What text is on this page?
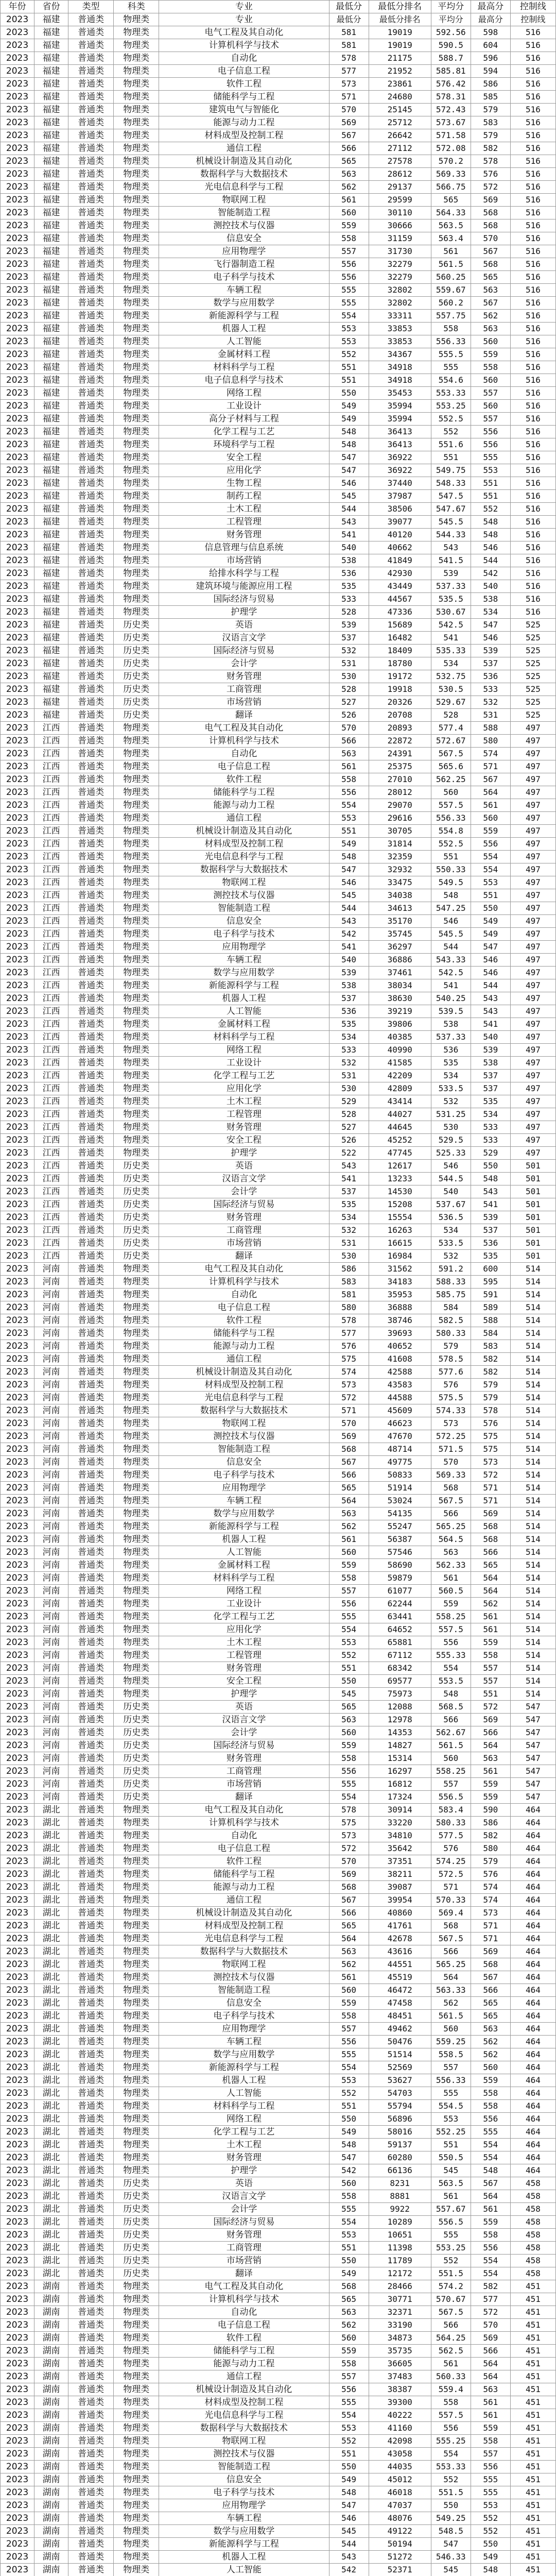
年份	省份	类型	科类	专业	最低分	最低分排名	平均分	最高分	控制线
2023	福建	普通类	物理类	专业	最低分	最低分排名	平均分	最高分	控制线
2023	福建	普通类	物理类	电气工程及其自动化	581	19019	592.56	598	516
2023	福建	普通类	物理类	计算机科学与技术	581	19019	590.5	604	516
2023	福建	普通类	物理类	自动化	578	21175	588.7	596	516
2023	福建	普通类	物理类	电子信息工程	577	21952	585.81	594	516
2023	福建	普通类	物理类	软件工程	573	23861	576.42	586	516
2023	福建	普通类	物理类	储能科学与工程	571	24680	578.31	585	516
2023	福建	普通类	物理类	建筑电气与智能化	570	25145	572.43	579	516
2023	福建	普通类	物理类	能源与动力工程	569	25712	573.67	583	516
2023	福建	普通类	物理类	材料成型及控制工程	567	26642	571.58	579	516
2023	福建	普通类	物理类	通信工程	566	27112	572.08	582	516
2023	福建	普通类	物理类	机械设计制造及其自动化	565	27578	570.2	578	516
2023	福建	普通类	物理类	数据科学与大数据技术	563	28612	569.33	576	516
2023	福建	普通类	物理类	光电信息科学与工程	562	29137	566.75	572	516
2023	福建	普通类	物理类	物联网工程	561	29599	565	569	516
2023	福建	普通类	物理类	智能制造工程	560	30110	564.33	568	516
2023	福建	普通类	物理类	测控技术与仪器	559	30666	563.5	568	516
2023	福建	普通类	物理类	信息安全	558	31159	563.4	570	516
2023	福建	普通类	物理类	应用物理学	557	31730	561	567	516
2023	福建	普通类	物理类	飞行器制造工程	556	32279	561.5	568	516
2023	福建	普通类	物理类	电子科学与技术	556	32279	560.25	565	516
2023	福建	普通类	物理类	车辆工程	555	32802	559.67	563	516
2023	福建	普通类	物理类	数学与应用数学	555	32802	560.2	567	516
2023	福建	普通类	物理类	新能源科学与工程	554	33311	557.75	562	516
2023	福建	普通类	物理类	机器人工程	553	33853	558	563	516
2023	福建	普通类	物理类	人工智能	553	33853	556.33	560	516
2023	福建	普通类	物理类	金属材料工程	552	34367	555.5	559	516
2023	福建	普通类	物理类	材料科学与工程	551	34918	555	558	516
2023	福建	普通类	物理类	电子信息科学与技术	551	34918	554.6	560	516
2023	福建	普通类	物理类	网络工程	550	35453	553.33	557	516
2023	福建	普通类	物理类	工业设计	549	35994	553.25	560	516
2023	福建	普通类	物理类	高分子材料与工程	549	35994	552.5	557	516
2023	福建	普通类	物理类	化学工程与工艺	548	36413	552	556	516
2023	福建	普通类	物理类	环境科学与工程	548	36413	551.6	556	516
2023	福建	普通类	物理类	安全工程	547	36922	551	555	516
2023	福建	普通类	物理类	应用化学	547	36922	549.75	553	516
2023	福建	普通类	物理类	生物工程	546	37440	548.33	551	516
2023	福建	普通类	物理类	制药工程	545	37987	547.5	551	516
2023	福建	普通类	物理类	土木工程	544	38506	547.67	552	516
2023	福建	普通类	物理类	工程管理	543	39077	545.5	548	516
2023	福建	普通类	物理类	财务管理	541	40120	544.33	548	516
2023	福建	普通类	物理类	信息管理与信息系统	540	40662	543	546	516
2023	福建	普通类	物理类	市场营销	538	41849	541.5	544	516
2023	福建	普通类	物理类	给排水科学与工程	536	42930	539	542	516
2023	福建	普通类	物理类	建筑环境与能源应用工程	535	43449	537.33	540	516
2023	福建	普通类	物理类	国际经济与贸易	533	44567	535.5	538	516
2023	福建	普通类	物理类	护理学	528	47336	530.67	534	516
2023	福建	普通类	历史类	英语	539	15689	542.5	547	525
2023	福建	普通类	历史类	汉语言文学	537	16482	541	546	525
2023	福建	普通类	历史类	国际经济与贸易	532	18409	535.33	539	525
2023	福建	普通类	历史类	会计学	531	18780	534	537	525
2023	福建	普通类	历史类	财务管理	530	19172	532.75	536	525
2023	福建	普通类	历史类	工商管理	528	19918	530.5	533	525
2023	福建	普通类	历史类	市场营销	527	20326	529.67	532	525
2023	福建	普通类	历史类	翻译	526	20708	528	531	525
2023	江西	普通类	物理类	电气工程及其自动化	570	20893	577.4	588	497
2023	江西	普通类	物理类	计算机科学与技术	566	22872	572.67	580	497
2023	江西	普通类	物理类	自动化	563	24391	567.5	574	497
2023	江西	普通类	物理类	电子信息工程	561	25375	565.6	571	497
2023	江西	普通类	物理类	软件工程	558	27010	562.25	567	497
2023	江西	普通类	物理类	储能科学与工程	556	28012	560	564	497
2023	江西	普通类	物理类	能源与动力工程	554	29070	557.5	561	497
2023	江西	普通类	物理类	通信工程	553	29616	556.33	560	497
2023	江西	普通类	物理类	机械设计制造及其自动化	551	30705	554.8	559	497
2023	江西	普通类	物理类	材料成型及控制工程	549	31814	552.5	556	497
2023	江西	普通类	物理类	光电信息科学与工程	548	32359	551	554	497
2023	江西	普通类	物理类	数据科学与大数据技术	547	32932	550.33	554	497
2023	江西	普通类	物理类	物联网工程	546	33475	549.5	553	497
2023	江西	普通类	物理类	测控技术与仪器	545	34038	548	551	497
2023	江西	普通类	物理类	智能制造工程	544	34613	547.25	550	497
2023	江西	普通类	物理类	信息安全	543	35170	546	549	497
2023	江西	普通类	物理类	电子科学与技术	542	35745	545.5	549	497
2023	江西	普通类	物理类	应用物理学	541	36297	544	547	497
2023	江西	普通类	物理类	车辆工程	540	36886	543.33	546	497
2023	江西	普通类	物理类	数学与应用数学	539	37461	542.5	546	497
2023	江西	普通类	物理类	新能源科学与工程	538	38034	541	544	497
2023	江西	普通类	物理类	机器人工程	537	38630	540.25	543	497
2023	江西	普通类	物理类	人工智能	536	39219	539.5	543	497
2023	江西	普通类	物理类	金属材料工程	535	39806	538	541	497
2023	江西	普通类	物理类	材料科学与工程	534	40385	537.33	540	497
2023	江西	普通类	物理类	网络工程	533	40990	536	539	497
2023	江西	普通类	物理类	工业设计	532	41585	535	538	497
2023	江西	普通类	物理类	化学工程与工艺	531	42209	534	537	497
2023	江西	普通类	物理类	应用化学	530	42809	533.5	537	497
2023	江西	普通类	物理类	土木工程	529	43414	532	535	497
2023	江西	普通类	物理类	工程管理	528	44027	531.25	534	497
2023	江西	普通类	物理类	财务管理	527	44645	530	533	497
2023	江西	普通类	物理类	安全工程	526	45252	529.5	533	497
2023	江西	普通类	物理类	护理学	522	47745	525.33	529	497
2023	江西	普通类	历史类	英语	543	12617	546	550	501
2023	江西	普通类	历史类	汉语言文学	541	13233	544.5	548	501
2023	江西	普通类	历史类	会计学	537	14530	540	543	501
2023	江西	普通类	历史类	国际经济与贸易	535	15208	537.67	541	501
2023	江西	普通类	历史类	财务管理	534	15554	536.5	539	501
2023	江西	普通类	历史类	工商管理	532	16263	534	537	501
2023	江西	普通类	历史类	市场营销	531	16615	533.5	536	501
2023	江西	普通类	历史类	翻译	530	16984	532	535	501
2023	河南	普通类	物理类	电气工程及其自动化	586	31562	591.2	600	514
2023	河南	普通类	物理类	计算机科学与技术	583	34183	588.33	595	514
2023	河南	普通类	物理类	自动化	581	35953	585.75	591	514
2023	河南	普通类	物理类	电子信息工程	580	36888	584	589	514
2023	河南	普通类	物理类	软件工程	578	38746	582.5	588	514
2023	河南	普通类	物理类	储能科学与工程	577	39693	580.33	584	514
2023	河南	普通类	物理类	能源与动力工程	576	40652	579	583	514
2023	河南	普通类	物理类	通信工程	575	41608	578.5	582	514
2023	河南	普通类	物理类	机械设计制造及其自动化	574	42588	577.6	582	514
2023	河南	普通类	物理类	材料成型及控制工程	573	43583	576	579	514
2023	河南	普通类	物理类	光电信息科学与工程	572	44588	575.5	579	514
2023	河南	普通类	物理类	数据科学与大数据技术	571	45609	574.33	578	514
2023	河南	普通类	物理类	物联网工程	570	46623	573	576	514
2023	河南	普通类	物理类	测控技术与仪器	569	47670	572.25	575	514
2023	河南	普通类	物理类	智能制造工程	568	48714	571.5	575	514
2023	河南	普通类	物理类	信息安全	567	49775	570	573	514
2023	河南	普通类	物理类	电子科学与技术	566	50833	569.33	572	514
2023	河南	普通类	物理类	应用物理学	565	51914	568	571	514
2023	河南	普通类	物理类	车辆工程	564	53024	567.5	571	514
2023	河南	普通类	物理类	数学与应用数学	563	54135	566	569	514
2023	河南	普通类	物理类	新能源科学与工程	562	55247	565.25	568	514
2023	河南	普通类	物理类	机器人工程	561	56387	564.5	568	514
2023	河南	普通类	物理类	人工智能	560	57546	563	566	514
2023	河南	普通类	物理类	金属材料工程	559	58690	562.33	565	514
2023	河南	普通类	物理类	材料科学与工程	558	59879	561	564	514
2023	河南	普通类	物理类	网络工程	557	61077	560.5	564	514
2023	河南	普通类	物理类	工业设计	556	62244	559	562	514
2023	河南	普通类	物理类	化学工程与工艺	555	63441	558.25	561	514
2023	河南	普通类	物理类	应用化学	554	64652	557.5	561	514
2023	河南	普通类	物理类	土木工程	553	65881	556	559	514
2023	河南	普通类	物理类	工程管理	552	67112	555.33	558	514
2023	河南	普通类	物理类	财务管理	551	68342	554	557	514
2023	河南	普通类	物理类	安全工程	550	69577	553.5	557	514
2023	河南	普通类	物理类	护理学	545	75973	548	551	514
2023	河南	普通类	历史类	英语	565	12088	568.5	572	547
2023	河南	普通类	历史类	汉语言文学	563	12978	566	569	547
2023	河南	普通类	历史类	会计学	560	14353	562.67	566	547
2023	河南	普通类	历史类	国际经济与贸易	559	14827	561.5	564	547
2023	河南	普通类	历史类	财务管理	558	15314	560	563	547
2023	河南	普通类	历史类	工商管理	556	16297	558.25	561	547
2023	河南	普通类	历史类	市场营销	555	16812	557	559	547
2023	河南	普通类	历史类	翻译	554	17324	556.5	559	547
2023	湖北	普通类	物理类	电气工程及其自动化	578	30914	583.4	590	464
2023	湖北	普通类	物理类	计算机科学与技术	575	33220	580.33	586	464
2023	湖北	普通类	物理类	自动化	573	34810	577.5	582	464
2023	湖北	普通类	物理类	电子信息工程	572	35642	576	580	464
2023	湖北	普通类	物理类	软件工程	570	37351	574.25	579	464
2023	湖北	普通类	物理类	储能科学与工程	569	38211	572.5	576	464
2023	湖北	普通类	物理类	能源与动力工程	568	39087	571	574	464
2023	湖北	普通类	物理类	通信工程	567	39954	570.33	574	464
2023	湖北	普通类	物理类	机械设计制造及其自动化	566	40860	569.4	573	464
2023	湖北	普通类	物理类	材料成型及控制工程	565	41761	568	571	464
2023	湖北	普通类	物理类	光电信息科学与工程	564	42678	567.5	571	464
2023	湖北	普通类	物理类	数据科学与大数据技术	563	43616	566	569	464
2023	湖北	普通类	物理类	物联网工程	562	44551	565.25	568	464
2023	湖北	普通类	物理类	测控技术与仪器	561	45519	564	567	464
2023	湖北	普通类	物理类	智能制造工程	560	46472	563.33	566	464
2023	湖北	普通类	物理类	信息安全	559	47458	562	565	464
2023	湖北	普通类	物理类	电子科学与技术	558	48451	561.5	565	464
2023	湖北	普通类	物理类	应用物理学	557	49462	560	563	464
2023	湖北	普通类	物理类	车辆工程	556	50476	559.25	562	464
2023	湖北	普通类	物理类	数学与应用数学	555	51514	558.5	562	464
2023	湖北	普通类	物理类	新能源科学与工程	554	52569	557	560	464
2023	湖北	普通类	物理类	机器人工程	553	53627	556.33	559	464
2023	湖北	普通类	物理类	人工智能	552	54703	555	558	464
2023	湖北	普通类	物理类	材料科学与工程	551	55794	554.5	558	464
2023	湖北	普通类	物理类	网络工程	550	56896	553	556	464
2023	湖北	普通类	物理类	化学工程与工艺	549	58016	552.25	555	464
2023	湖北	普通类	物理类	土木工程	548	59137	551	554	464
2023	湖北	普通类	物理类	财务管理	547	60280	550.5	554	464
2023	湖北	普通类	物理类	护理学	542	66136	545	548	464
2023	湖北	普通类	历史类	英语	560	8231	563.5	567	458
2023	湖北	普通类	历史类	汉语言文学	558	8881	561	564	458
2023	湖北	普通类	历史类	会计学	555	9922	557.67	561	458
2023	湖北	普通类	历史类	国际经济与贸易	554	10289	556.5	559	458
2023	湖北	普通类	历史类	财务管理	553	10651	555	558	458
2023	湖北	普通类	历史类	工商管理	551	11398	553.25	556	458
2023	湖北	普通类	历史类	市场营销	550	11789	552	554	458
2023	湖北	普通类	历史类	翻译	549	12172	551.5	554	458
2023	湖南	普通类	物理类	电气工程及其自动化	568	28466	574.2	582	451
2023	湖南	普通类	物理类	计算机科学与技术	565	30771	570.67	577	451
2023	湖南	普通类	物理类	自动化	563	32371	567.5	572	451
2023	湖南	普通类	物理类	电子信息工程	562	33190	566	570	451
2023	湖南	普通类	物理类	软件工程	560	34873	564.25	569	451
2023	湖南	普通类	物理类	储能科学与工程	559	35735	562.5	566	451
2023	湖南	普通类	物理类	能源与动力工程	558	36605	561	564	451
2023	湖南	普通类	物理类	通信工程	557	37483	560.33	564	451
2023	湖南	普通类	物理类	机械设计制造及其自动化	556	38387	559.4	563	451
2023	湖南	普通类	物理类	材料成型及控制工程	555	39300	558	561	451
2023	湖南	普通类	物理类	光电信息科学与工程	554	40222	557.5	561	451
2023	湖南	普通类	物理类	数据科学与大数据技术	553	41160	556	559	451
2023	湖南	普通类	物理类	物联网工程	552	42098	555.25	558	451
2023	湖南	普通类	物理类	测控技术与仪器	551	43058	554	557	451
2023	湖南	普通类	物理类	智能制造工程	550	44035	553.33	556	451
2023	湖南	普通类	物理类	信息安全	549	45012	552	555	451
2023	湖南	普通类	物理类	电子科学与技术	548	46018	551.5	555	451
2023	湖南	普通类	物理类	应用物理学	547	47037	550	553	451
2023	湖南	普通类	物理类	车辆工程	546	48076	549.25	552	451
2023	湖南	普通类	物理类	数学与应用数学	545	49122	548.5	552	451
2023	湖南	普通类	物理类	新能源科学与工程	544	50194	547	550	451
2023	湖南	普通类	物理类	机器人工程	543	51272	546.33	549	451
2023	湖南	普通类	物理类	人工智能	542	52371	545	548	451
